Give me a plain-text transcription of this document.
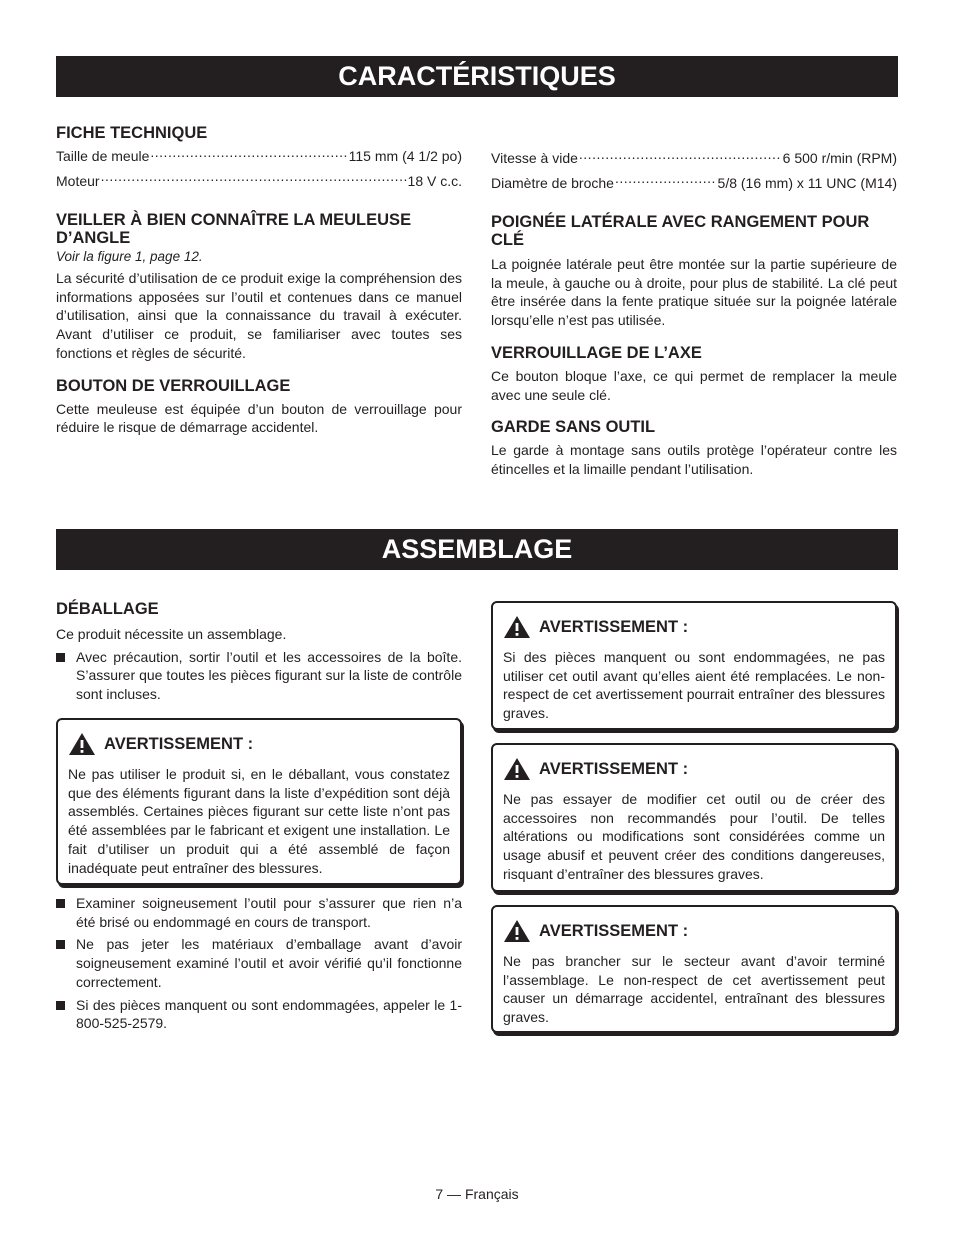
CARACTÉRISTIQUES
FICHE TECHNIQUE
Taille de meule .....	115 mm (4 1/2 po)
Moteur .....	18 V c.c.
VEILLER À BIEN CONNAÎTRE LA MEULEUSE D’ANGLE
Voir la figure 1, page 12.

La sécurité d’utilisation de ce produit exige la compréhension des informations apposées sur l’outil et contenues dans ce manuel d’utilisation, ainsi que la connaissance du travail à exécuter. Avant d’utiliser ce produit, se familiariser avec toutes ses fonctions et règles de sécurité.

BOUTON DE VERROUILLAGE

Cette meuleuse est équipée d’un bouton de verrouillage pour réduire le risque de démarrage accidentel.

Vitesse à vide .....	6 500 r/min (RPM)
Diamètre de broche .....	5/8 (16 mm) x 11 UNC (M14)
POIGNÉE LATÉRALE AVEC RANGEMENT POUR CLÉ

La poignée latérale peut être montée sur la partie supérieure de la meule, à gauche ou à droite, pour plus de stabilité. La clé peut être insérée dans la fente pratique située sur la poignée latérale lorsqu’elle n’est pas utilisée.

VERROUILLAGE DE L’AXE

Ce bouton bloque l’axe, ce qui permet de remplacer la meule avec une seule clé.

GARDE SANS OUTIL

Le garde à montage sans outils protège l’opérateur contre les étincelles et la limaille pendant l’utilisation.

ASSEMBLAGE
DÉBALLAGE

Ce produit nécessite un assemblage.

Avec précaution, sortir l’outil et les accessoires de la boîte. S’assurer que toutes les pièces figurant sur la liste de contrôle sont incluses.
AVERTISSEMENT :

Ne pas utiliser le produit si, en le déballant, vous constatez que des éléments figurant dans la liste d’expédition sont déjà assemblés. Certaines pièces figurant sur cette liste n’ont pas été assemblées par le fabricant et exigent une installation. Le fait d’utiliser un produit qui a été assemblé de façon inadéquate peut entraîner des blessures.

Examiner soigneusement l’outil pour s’assurer que rien n’a été brisé ou endommagé en cours de transport.
Ne pas jeter les matériaux d’emballage avant d’avoir soigneusement examiné l’outil et avoir vérifié qu’il fonctionne correctement.
Si des pièces manquent ou sont endommagées, appeler le 1-800-525-2579.
AVERTISSEMENT :

Si des pièces manquent ou sont endommagées, ne pas utiliser cet outil avant qu’elles aient été remplacées. Le non-respect de cet avertissement pourrait entraîner des blessures graves.

AVERTISSEMENT :

Ne pas essayer de modifier cet outil ou de créer des accessoires non recommandés pour l’outil. De telles altérations ou modifications sont considérées comme un usage abusif et peuvent créer des conditions dangereuses, risquant d’entraîner des blessures graves.

AVERTISSEMENT :

Ne pas brancher sur le secteur avant d’avoir terminé l’assemblage. Le non-respect de cet avertissement peut causer un démarrage accidentel, entraînant des blessures graves.

7 — Français
